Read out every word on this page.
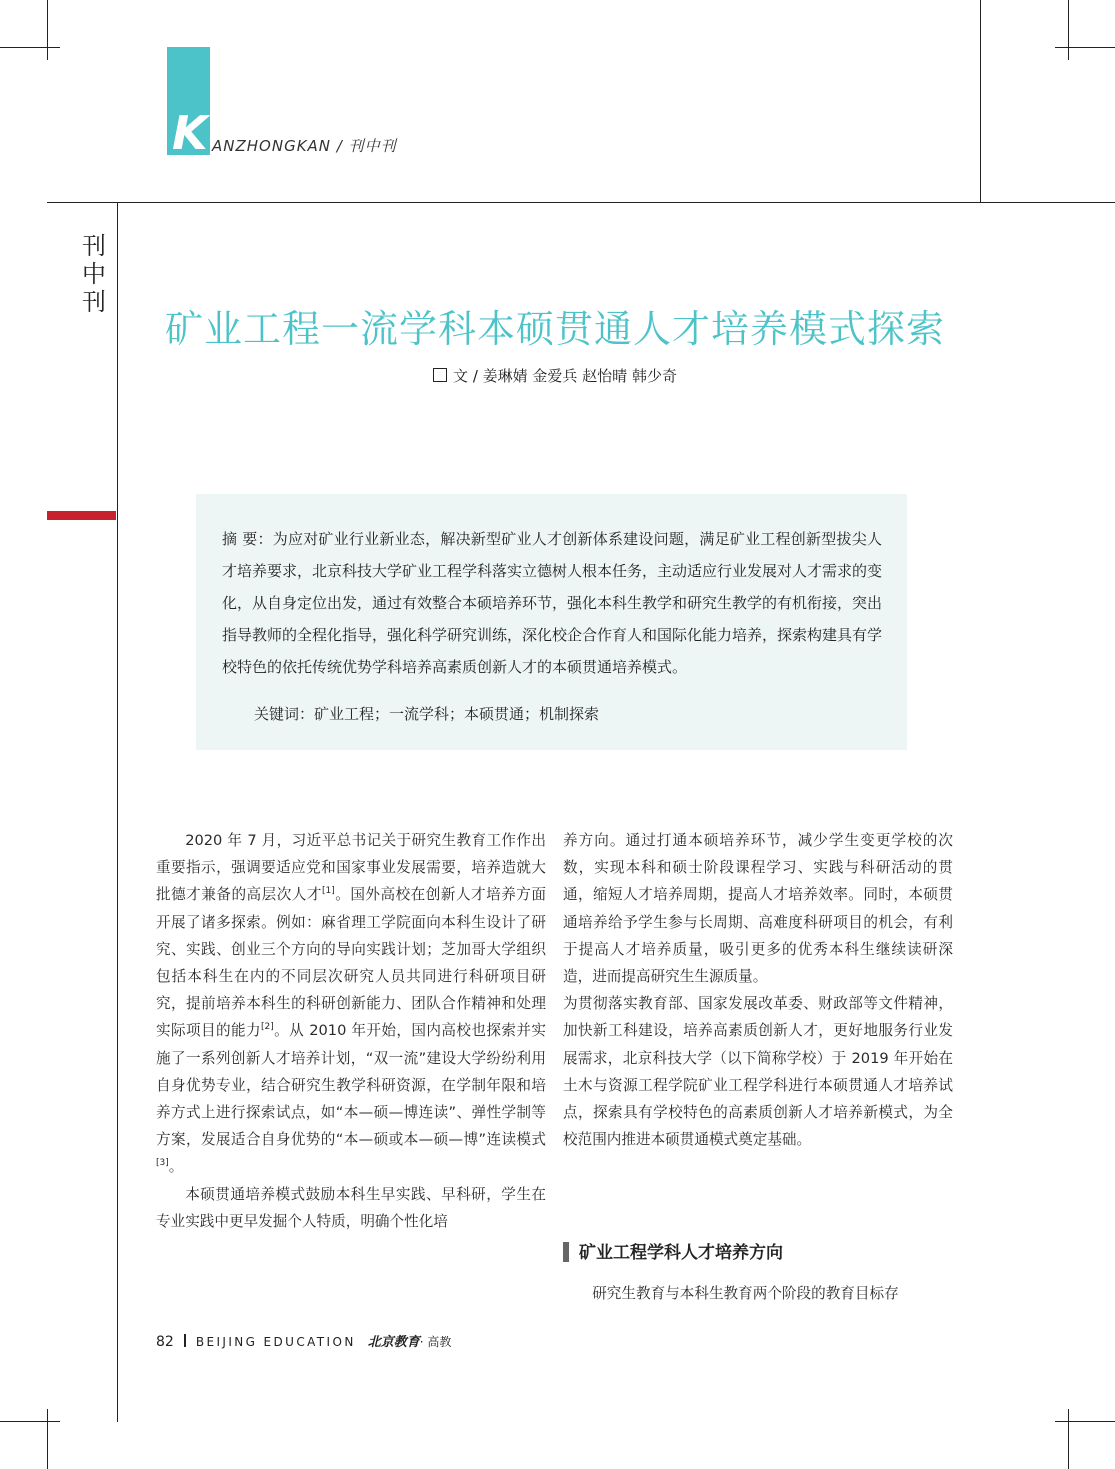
K ANZHONGKAN / 刊中刊
刊中刊
矿业工程一流学科本硕贯通人才培养模式探索
文 / 姜琳婧 金爱兵 赵怡晴 韩少奇
摘 要：为应对矿业行业新业态，解决新型矿业人才创新体系建设问题，满足矿业工程创新型拔尖人才培养要求，北京科技大学矿业工程学科落实立德树人根本任务，主动适应行业发展对人才需求的变化，从自身定位出发，通过有效整合本硕培养环节，强化本科生教学和研究生教学的有机衔接，突出指导教师的全程化指导，强化科学研究训练，深化校企合作育人和国际化能力培养，探索构建具有学校特色的依托传统优势学科培养高素质创新人才的本硕贯通培养模式。
关键词：矿业工程；一流学科；本硕贯通；机制探索

2020 年 7 月，习近平总书记关于研究生教育工作作出重要指示，强调要适应党和国家事业发展需要，培养造就大批德才兼备的高层次人才[1]。国外高校在创新人才培养方面开展了诸多探索。例如：麻省理工学院面向本科生设计了研究、实践、创业三个方向的导向实践计划；芝加哥大学组织包括本科生在内的不同层次研究人员共同进行科研项目研究，提前培养本科生的科研创新能力、团队合作精神和处理实际项目的能力[2]。从 2010 年开始，国内高校也探索并实施了一系列创新人才培养计划，“双一流”建设大学纷纷利用自身优势专业，结合研究生教学科研资源，在学制年限和培养方式上进行探索试点，如“本—硕—博连读”、弹性学制等方案，发展适合自身优势的“本—硕或本—硕—博”连读模式[3]。

本硕贯通培养模式鼓励本科生早实践、早科研，学生在专业实践中更早发掘个人特质，明确个性化培

养方向。通过打通本硕培养环节，减少学生变更学校的次数，实现本科和硕士阶段课程学习、实践与科研活动的贯通，缩短人才培养周期，提高人才培养效率。同时，本硕贯通培养给予学生参与长周期、高难度科研项目的机会，有利于提高人才培养质量，吸引更多的优秀本科生继续读研深造，进而提高研究生生源质量。

为贯彻落实教育部、国家发展改革委、财政部等文件精神，加快新工科建设，培养高素质创新人才，更好地服务行业发展需求，北京科技大学（以下简称学校）于 2019 年开始在土木与资源工程学院矿业工程学科进行本硕贯通人才培养试点，探索具有学校特色的高素质创新人才培养新模式，为全校范围内推进本硕贯通模式奠定基础。

矿业工程学科人才培养方向
研究生教育与本科生教育两个阶段的教育目标存
82 BEIJING EDUCATION 北京教育· 高教
